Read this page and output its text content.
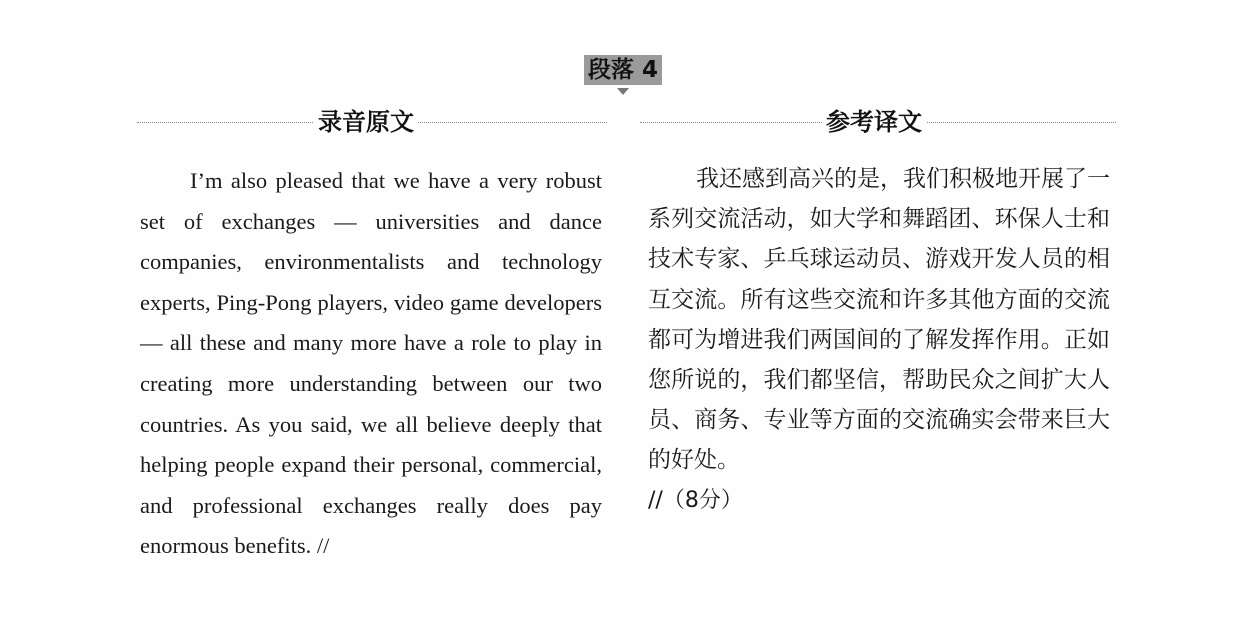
段落 4
录音原文	参考译文
I’m also pleased that we have a very robust set of exchanges — universities and dance companies, environmentalists and technology experts, Ping-Pong players, video game developers — all these and many more have a role to play in creating more understanding between our two countries. As you said, we all believe deeply that helping people expand their personal, commercial, and professional exchanges really does pay enormous benefits. //
我还感到高兴的是，我们积极地开展了一系列交流活动，如大学和舞蹈团、环保人士和技术专家、乒乓球运动员、游戏开发人员的相互交流。所有这些交流和许多其他方面的交流都可为增进我们两国间的了解发挥作用。正如您所说的，我们都坚信，帮助民众之间扩大人员、商务、专业等方面的交流确实会带来巨大的好处。
//（8分）
